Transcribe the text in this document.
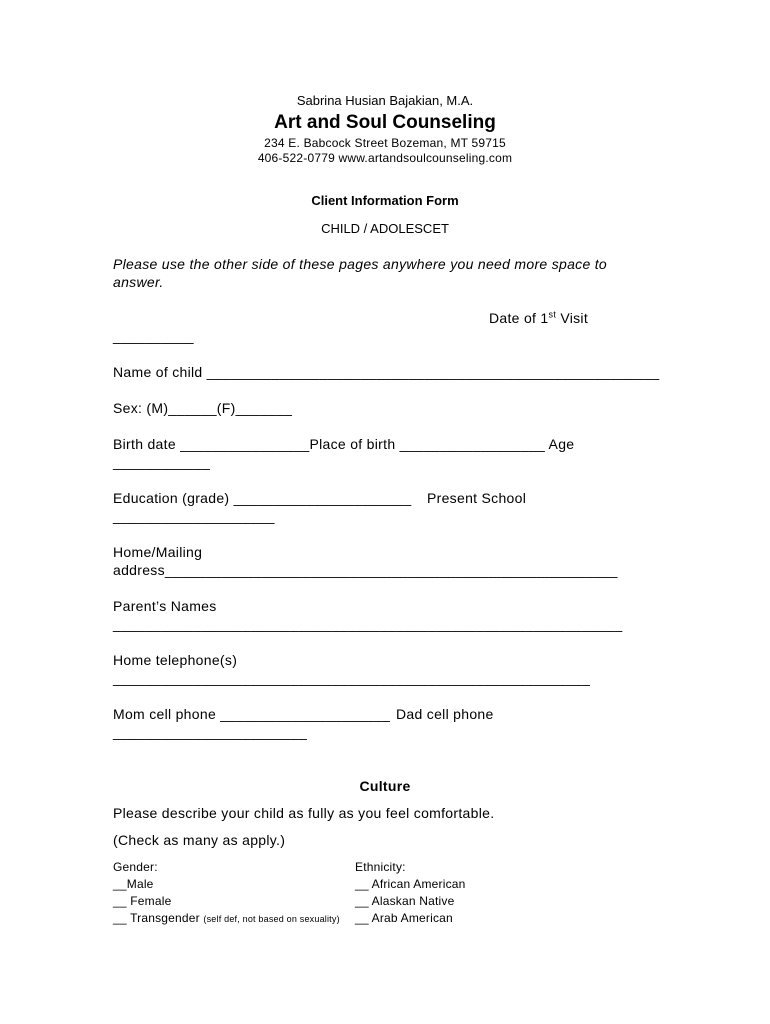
Sabrina Husian Bajakian, M.A.
Art and Soul Counseling
234 E. Babcock Street Bozeman, MT 59715
406-522-0779 www.artandsoulcounseling.com
Client Information Form
CHILD / ADOLESCET
Please use the other side of these pages anywhere you need more space to
answer.
Date of 1st Visit
__________
Name of child ________________________________________________________
Sex: (M)______(F)_______
Birth date ________________Place of birth __________________ Age
____________
Education (grade) ______________________ Present School
____________________
Home/Mailing
address________________________________________________________
Parent’s Names
_______________________________________________________________
Home telephone(s)
___________________________________________________________
Mom cell phone _____________________ Dad cell phone
________________________
Culture
Please describe your child as fully as you feel comfortable.
(Check as many as apply.)
Gender:
__Male
__ Female
__ Transgender (self def, not based on sexuality)
Ethnicity:
__ African American
__ Alaskan Native
__ Arab American
